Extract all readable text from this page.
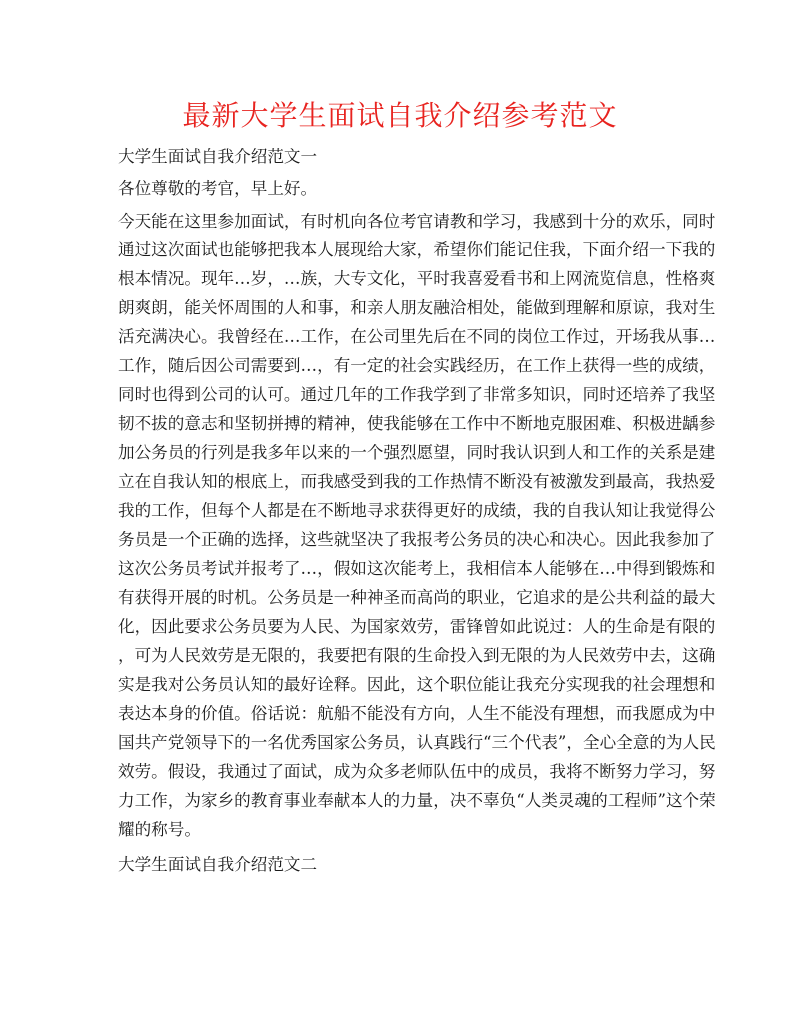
最新大学生面试自我介绍参考范文
大学生面试自我介绍范文一
各位尊敬的考官，早上好。
今天能在这里参加面试，有时机向各位考官请教和学习，我感到十分的欢乐，同时
通过这次面试也能够把我本人展现给大家，希望你们能记住我，下面介绍一下我的
根本情况。现年…岁，…族，大专文化，平时我喜爱看书和上网流览信息，性格爽
朗爽朗，能关怀周围的人和事，和亲人朋友融洽相处，能做到理解和原谅，我对生
活充满决心。我曾经在…工作，在公司里先后在不同的岗位工作过，开场我从事…
工作，随后因公司需要到…，有一定的社会实践经历，在工作上获得一些的成绩，
同时也得到公司的认可。通过几年的工作我学到了非常多知识，同时还培养了我坚
韧不拔的意志和坚韧拼搏的精神，使我能够在工作中不断地克服困难、积极进龋参
加公务员的行列是我多年以来的一个强烈愿望，同时我认识到人和工作的关系是建
立在自我认知的根底上，而我感受到我的工作热情不断没有被激发到最高，我热爱
我的工作，但每个人都是在不断地寻求获得更好的成绩，我的自我认知让我觉得公
务员是一个正确的选择，这些就坚决了我报考公务员的决心和决心。因此我参加了
这次公务员考试并报考了…，假如这次能考上，我相信本人能够在…中得到锻炼和
有获得开展的时机。公务员是一种神圣而高尚的职业，它追求的是公共利益的最大
化，因此要求公务员要为人民、为国家效劳，雷锋曾如此说过：人的生命是有限的
，可为人民效劳是无限的，我要把有限的生命投入到无限的为人民效劳中去，这确
实是我对公务员认知的最好诠释。因此，这个职位能让我充分实现我的社会理想和
表达本身的价值。俗话说：航船不能没有方向，人生不能没有理想，而我愿成为中
国共产党领导下的一名优秀国家公务员，认真践行“三个代表”，全心全意的为人民
效劳。假设，我通过了面试，成为众多老师队伍中的成员，我将不断努力学习，努
力工作，为家乡的教育事业奉献本人的力量，决不辜负“人类灵魂的工程师”这个荣
耀的称号。
大学生面试自我介绍范文二
